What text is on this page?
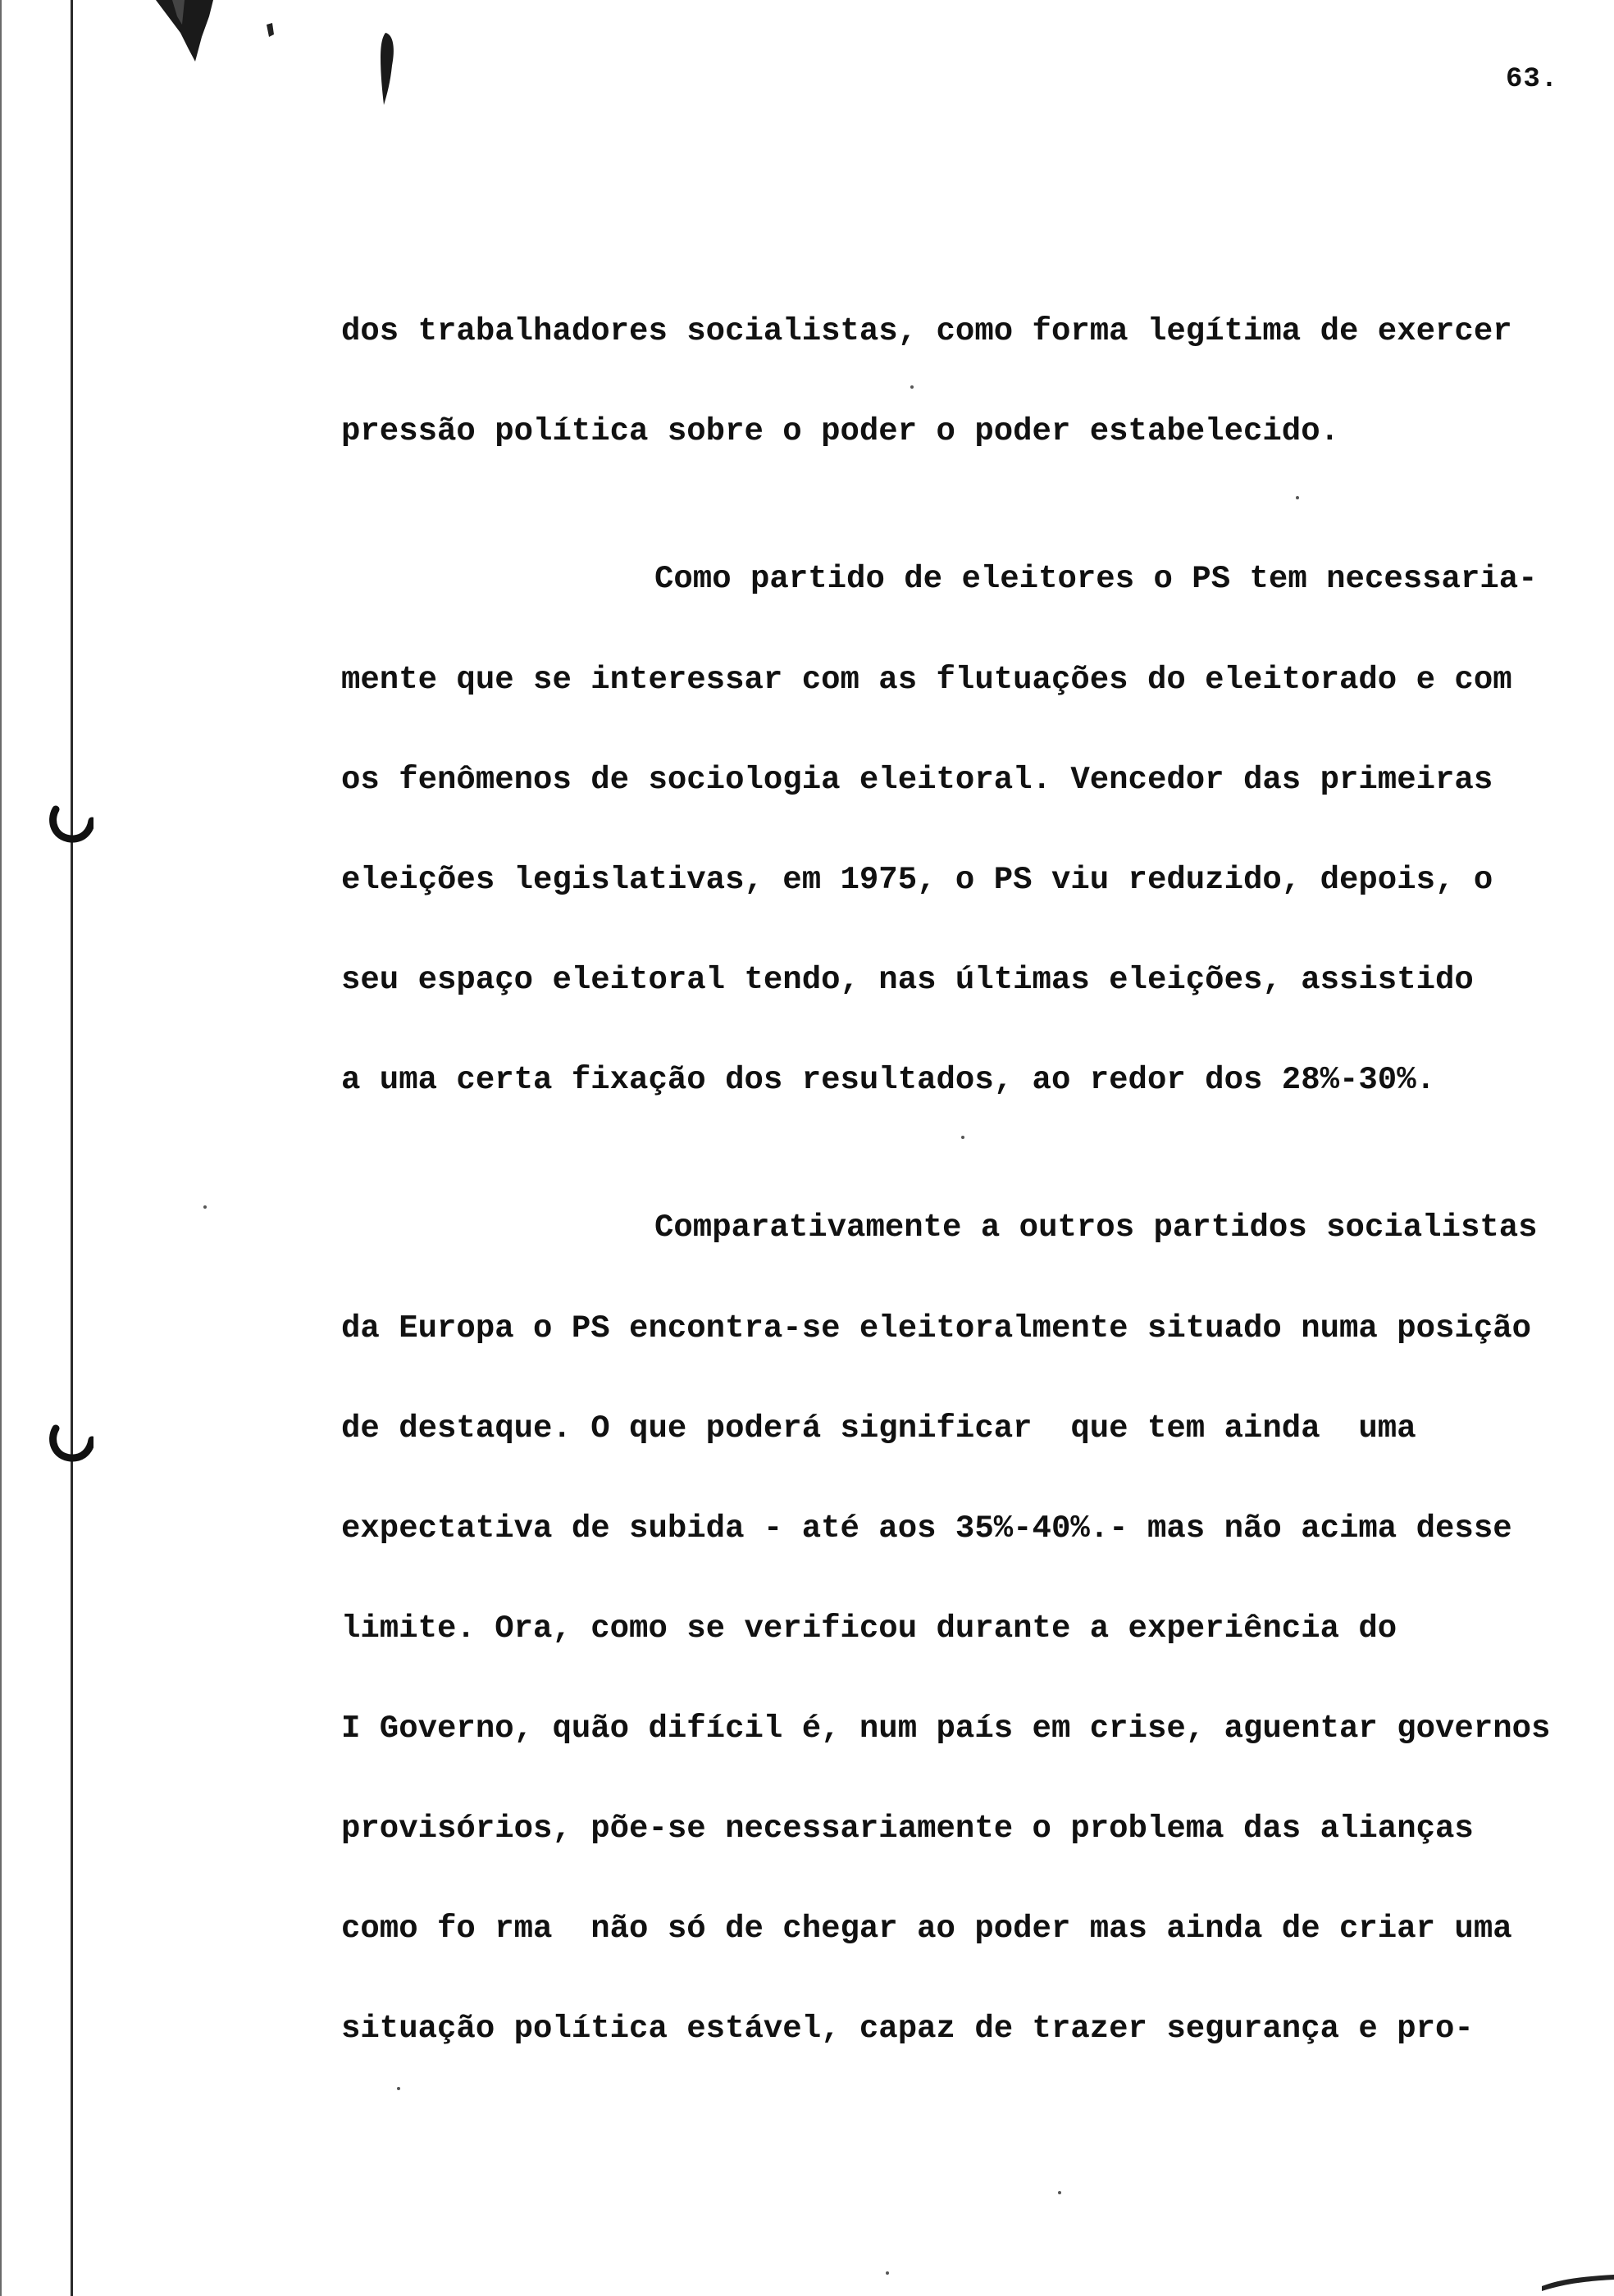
63.
dos trabalhadores socialistas, como forma legítima de exercer
pressão política sobre o poder o poder estabelecido.
Como partido de eleitores o PS tem necessaria-
mente que se interessar com as flutuações do eleitorado e com
os fenômenos de sociologia eleitoral. Vencedor das primeiras
eleições legislativas, em 1975, o PS viu reduzido, depois, o
seu espaço eleitoral tendo, nas últimas eleições, assistido
a uma certa fixação dos resultados, ao redor dos 28%-30%.
Comparativamente a outros partidos socialistas
da Europa o PS encontra-se eleitoralmente situado numa posição
de destaque. O que poderá significar  que tem ainda  uma
expectativa de subida - até aos 35%-40%.- mas não acima desse
limite. Ora, como se verificou durante a experiência do
I Governo, quão difícil é, num país em crise, aguentar governos
provisórios, põe-se necessariamente o problema das alianças
como fo rma  não só de chegar ao poder mas ainda de criar uma
situação política estável, capaz de trazer segurança e pro-
